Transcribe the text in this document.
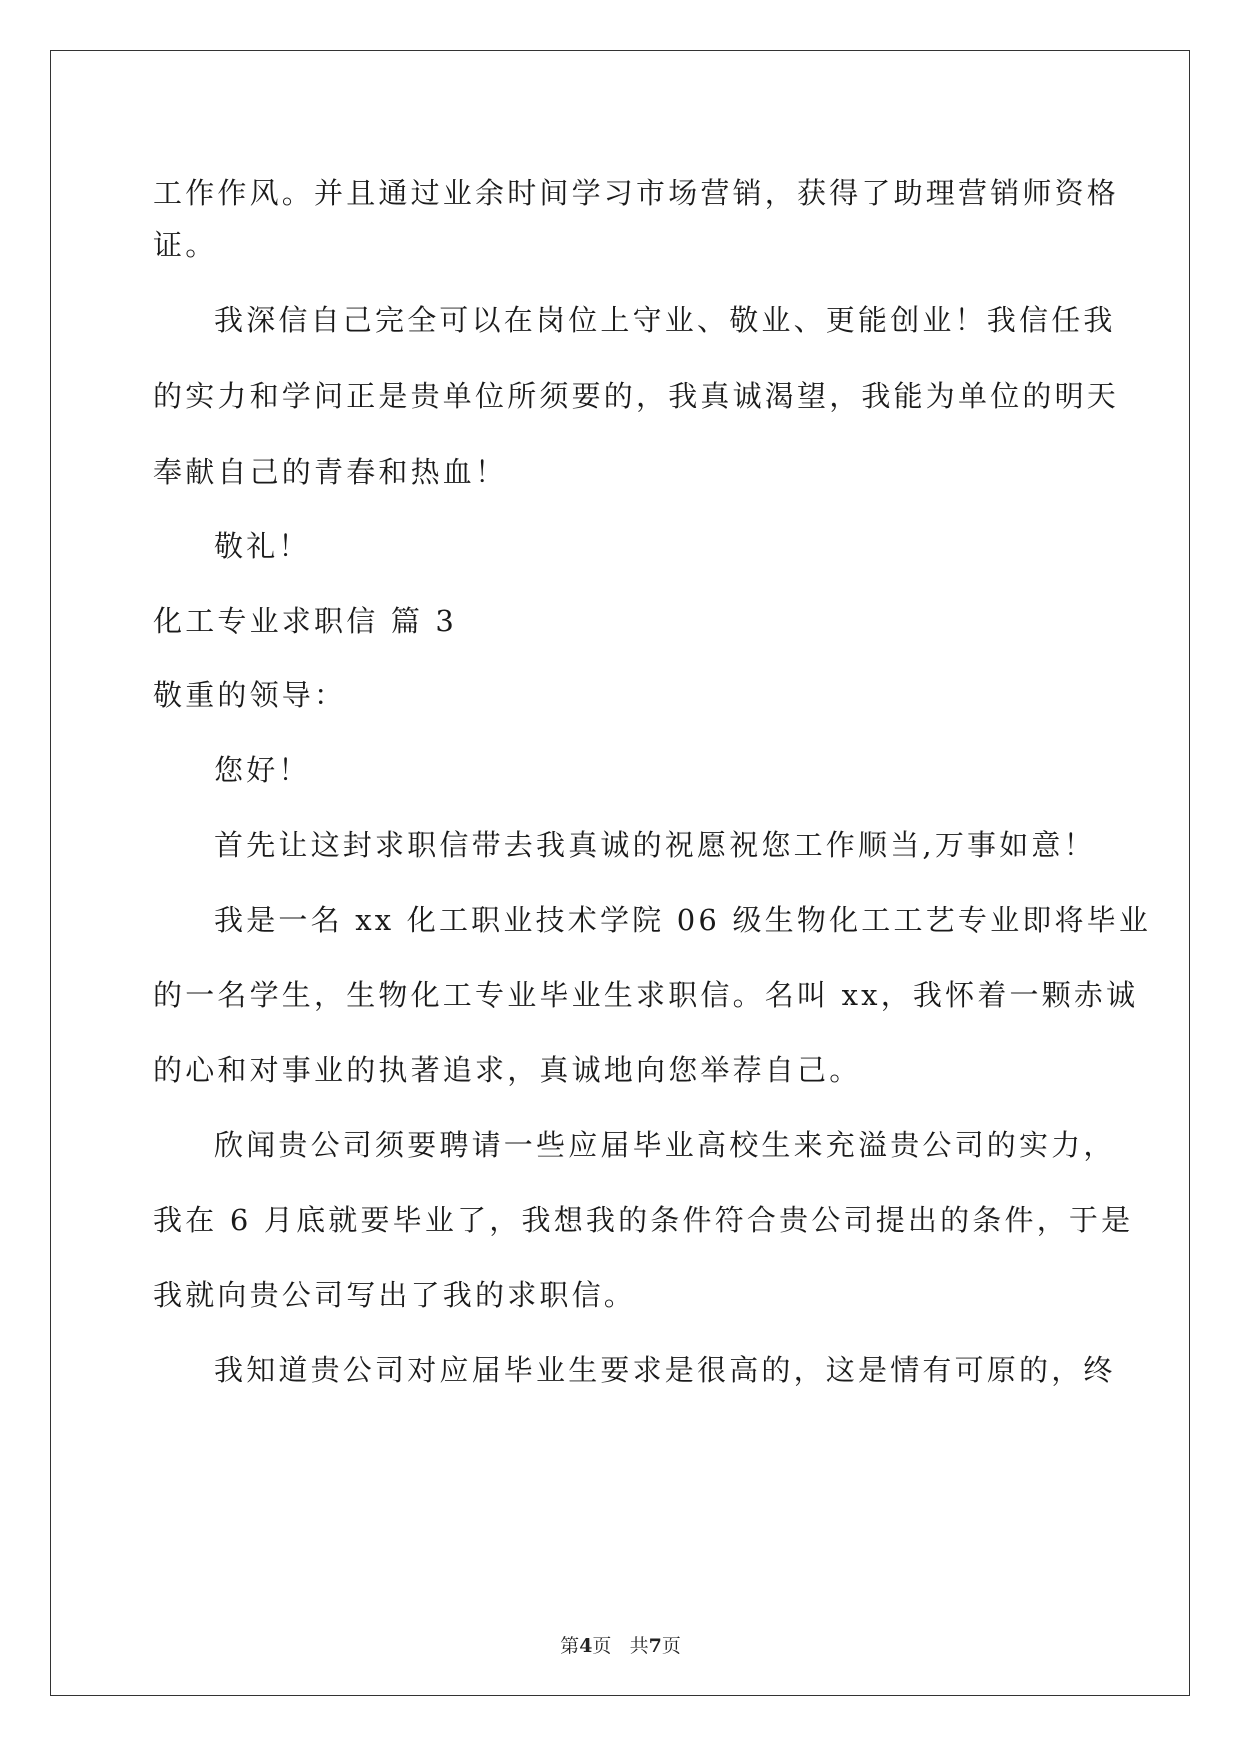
工作作风。并且通过业余时间学习市场营销，获得了助理营销师资格
证。
我深信自己完全可以在岗位上守业、敬业、更能创业！我信任我
的实力和学问正是贵单位所须要的，我真诚渴望，我能为单位的明天
奉献自己的青春和热血！
敬礼！
化工专业求职信 篇 3
敬重的领导：
您好！
首先让这封求职信带去我真诚的祝愿祝您工作顺当,万事如意！
我是一名 xx 化工职业技术学院 06 级生物化工工艺专业即将毕业
的一名学生，生物化工专业毕业生求职信。名叫 xx，我怀着一颗赤诚
的心和对事业的执著追求，真诚地向您举荐自己。
欣闻贵公司须要聘请一些应届毕业高校生来充溢贵公司的实力，
我在 6 月底就要毕业了，我想我的条件符合贵公司提出的条件，于是
我就向贵公司写出了我的求职信。
我知道贵公司对应届毕业生要求是很高的，这是情有可原的，终
第4页 共7页
